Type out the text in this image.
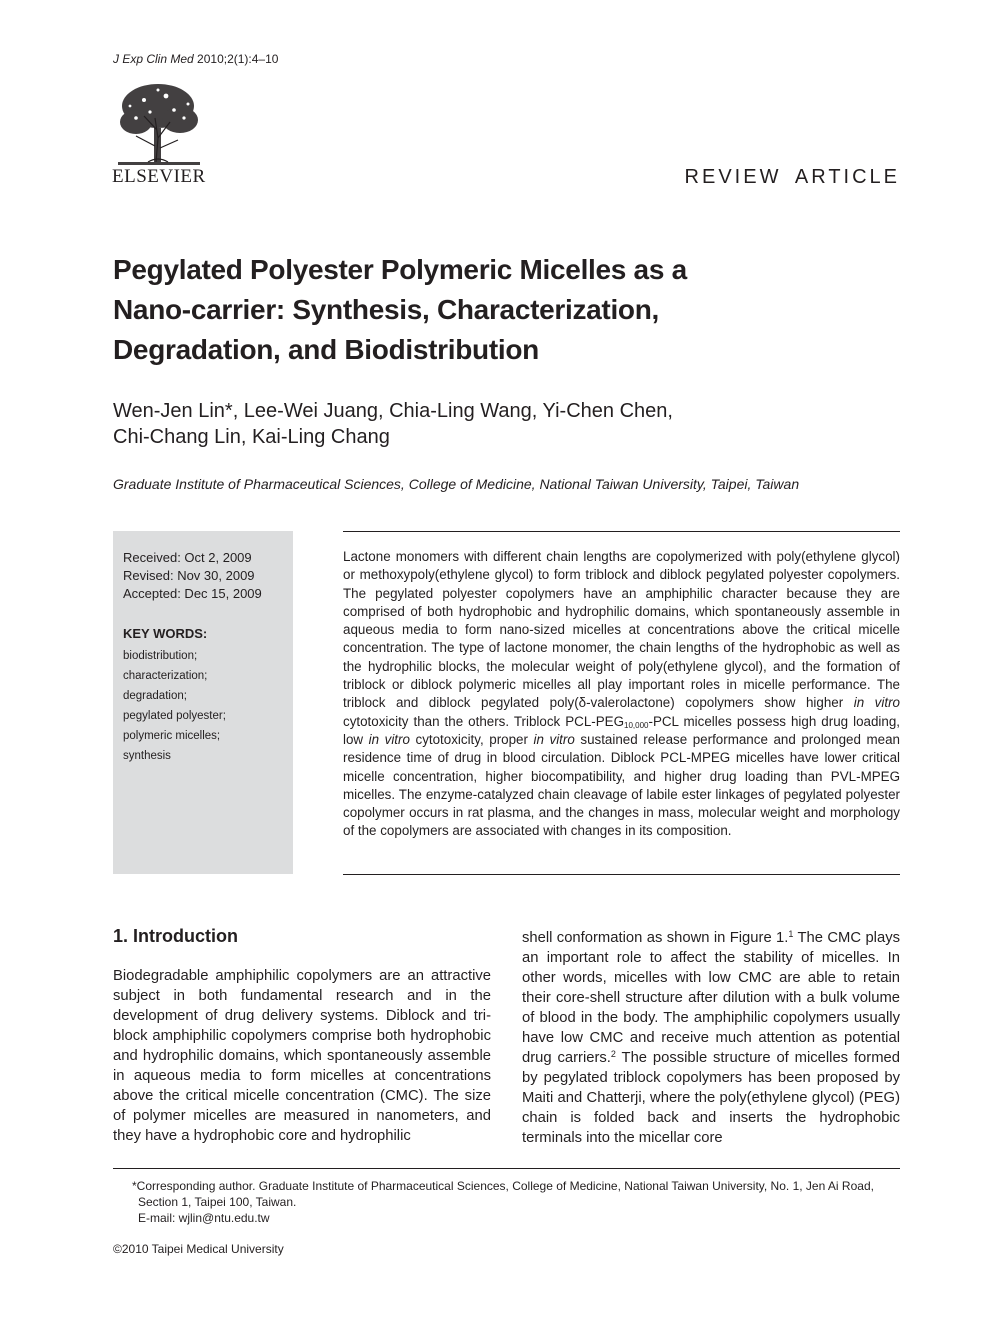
J Exp Clin Med 2010;2(1):4–10
ELSEVIER	REVIEW ARTICLE
Pegylated Polyester Polymeric Micelles as a
Nano-carrier: Synthesis, Characterization,
Degradation, and Biodistribution
Wen-Jen Lin*, Lee-Wei Juang, Chia-Ling Wang, Yi-Chen Chen,
Chi-Chang Lin, Kai-Ling Chang
Graduate Institute of Pharmaceutical Sciences, College of Medicine, National Taiwan University, Taipei, Taiwan
Received: Oct 2, 2009
Revised: Nov 30, 2009
Accepted: Dec 15, 2009
KEY WORDS:
biodistribution;
characterization;
degradation;
pegylated polyester;
polymeric micelles;
synthesis
Lactone monomers with different chain lengths are copolymerized with poly(ethylene glycol) or methoxypoly(ethylene glycol) to form triblock and diblock pegylated polyester copolymers. The pegylated polyester copolymers have an amphiphilic character because they are comprised of both hydrophobic and hydrophilic domains, which spontaneously assemble in aqueous media to form nano-sized micelles at concentrations above the critical micelle concentration. The type of lactone monomer, the chain lengths of the hydrophobic as well as the hydrophilic blocks, the molecular weight of poly(ethylene glycol), and the formation of triblock or diblock polymeric micelles all play important roles in micelle performance. The triblock and diblock pegylated poly(δ-valerolactone) copolymers show higher in vitro cytotoxicity than the others. Triblock PCL-$PEG_{10,000}$-PCL micelles possess high drug loading, low in vitro cytotoxicity, proper in vitro sustained release performance and prolonged mean residence time of drug in blood circulation. Diblock PCL-MPEG micelles have lower critical micelle concentration, higher biocompatibility, and higher drug loading than PVL-MPEG micelles. The enzyme-catalyzed chain cleavage of labile ester linkages of pegylated polyester copolymer occurs in rat plasma, and the changes in mass, molecular weight and morphology of the copolymers are associated with changes in its composition.
1. Introduction
Biodegradable amphiphilic copolymers are an attractive subject in both fundamental research and in the development of drug delivery systems. Diblock and triblock amphiphilic copolymers comprise both hydrophobic and hydrophilic domains, which spontaneously assemble in aqueous media to form micelles at concentrations above the critical micelle concentration (CMC). The size of polymer micelles are measured in nanometers, and they have a hydrophobic core and hydrophilic
shell conformation as shown in Figure 1.$^1$ The CMC plays an important role to affect the stability of micelles. In other words, micelles with low CMC are able to retain their core-shell structure after dilution with a bulk volume of blood in the body. The amphiphilic copolymers usually have low CMC and receive much attention as potential drug carriers.$^2$ The possible structure of micelles formed by pegylated triblock copolymers has been proposed by Maiti and Chatterji, where the poly(ethylene glycol) (PEG) chain is folded back and inserts the hydrophobic terminals into the micellar core
*Corresponding author. Graduate Institute of Pharmaceutical Sciences, College of Medicine, National Taiwan University, No. 1, Jen Ai Road,
Section 1, Taipei 100, Taiwan.
E-mail: wjlin@ntu.edu.tw
©2010 Taipei Medical University
